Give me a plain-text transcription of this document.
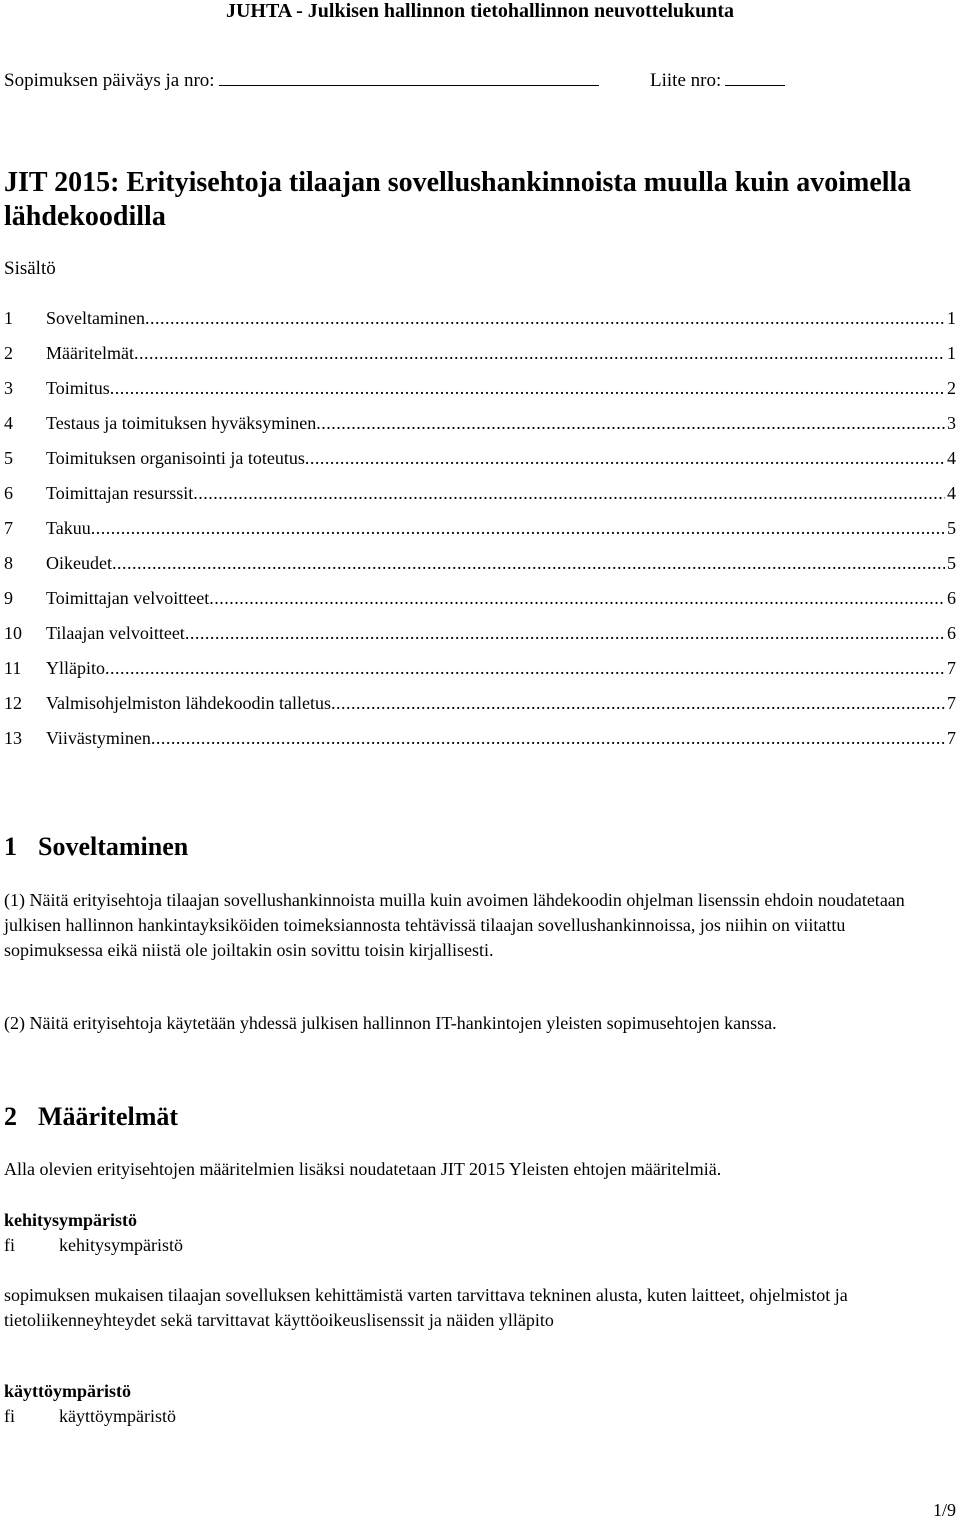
JUHTA - Julkisen hallinnon tietohallinnon neuvottelukunta
Sopimuksen päiväys ja nro:	Liite nro:
JIT 2015: Erityisehtoja tilaajan sovellushankinnoista muulla kuin avoimella lähdekoodilla
Sisältö
1	Soveltaminen .....	1
2	Määritelmät .....	1
3	Toimitus .....	2
4	Testaus ja toimituksen hyväksyminen .....	3
5	Toimituksen organisointi ja toteutus .....	4
6	Toimittajan resurssit .....	4
7	Takuu .....	5
8	Oikeudet .....	5
9	Toimittajan velvoitteet .....	6
10	Tilaajan velvoitteet .....	6
11	Ylläpito .....	7
12	Valmisohjelmiston lähdekoodin talletus .....	7
13	Viivästyminen .....	7
1 Soveltaminen
(1) Näitä erityisehtoja tilaajan sovellushankinnoista muilla kuin avoimen lähdekoodin ohjelman lisenssin ehdoin noudatetaan julkisen hallinnon hankintayksiköiden toimeksiannosta tehtävissä tilaajan sovellushankinnoissa, jos niihin on viitattu sopimuksessa eikä niistä ole joiltakin osin sovittu toisin kirjallisesti.
(2) Näitä erityisehtoja käytetään yhdessä julkisen hallinnon IT-hankintojen yleisten sopimusehtojen kanssa.
2 Määritelmät
Alla olevien erityisehtojen määritelmien lisäksi noudatetaan JIT 2015 Yleisten ehtojen määritelmiä.
kehitysympäristö
fi kehitysympäristö
sopimuksen mukaisen tilaajan sovelluksen kehittämistä varten tarvittava tekninen alusta, kuten laitteet, ohjelmistot ja tietoliikenneyhteydet sekä tarvittavat käyttöoikeuslisenssit ja näiden ylläpito
käyttöympäristö
fi käyttöympäristö
1/9
